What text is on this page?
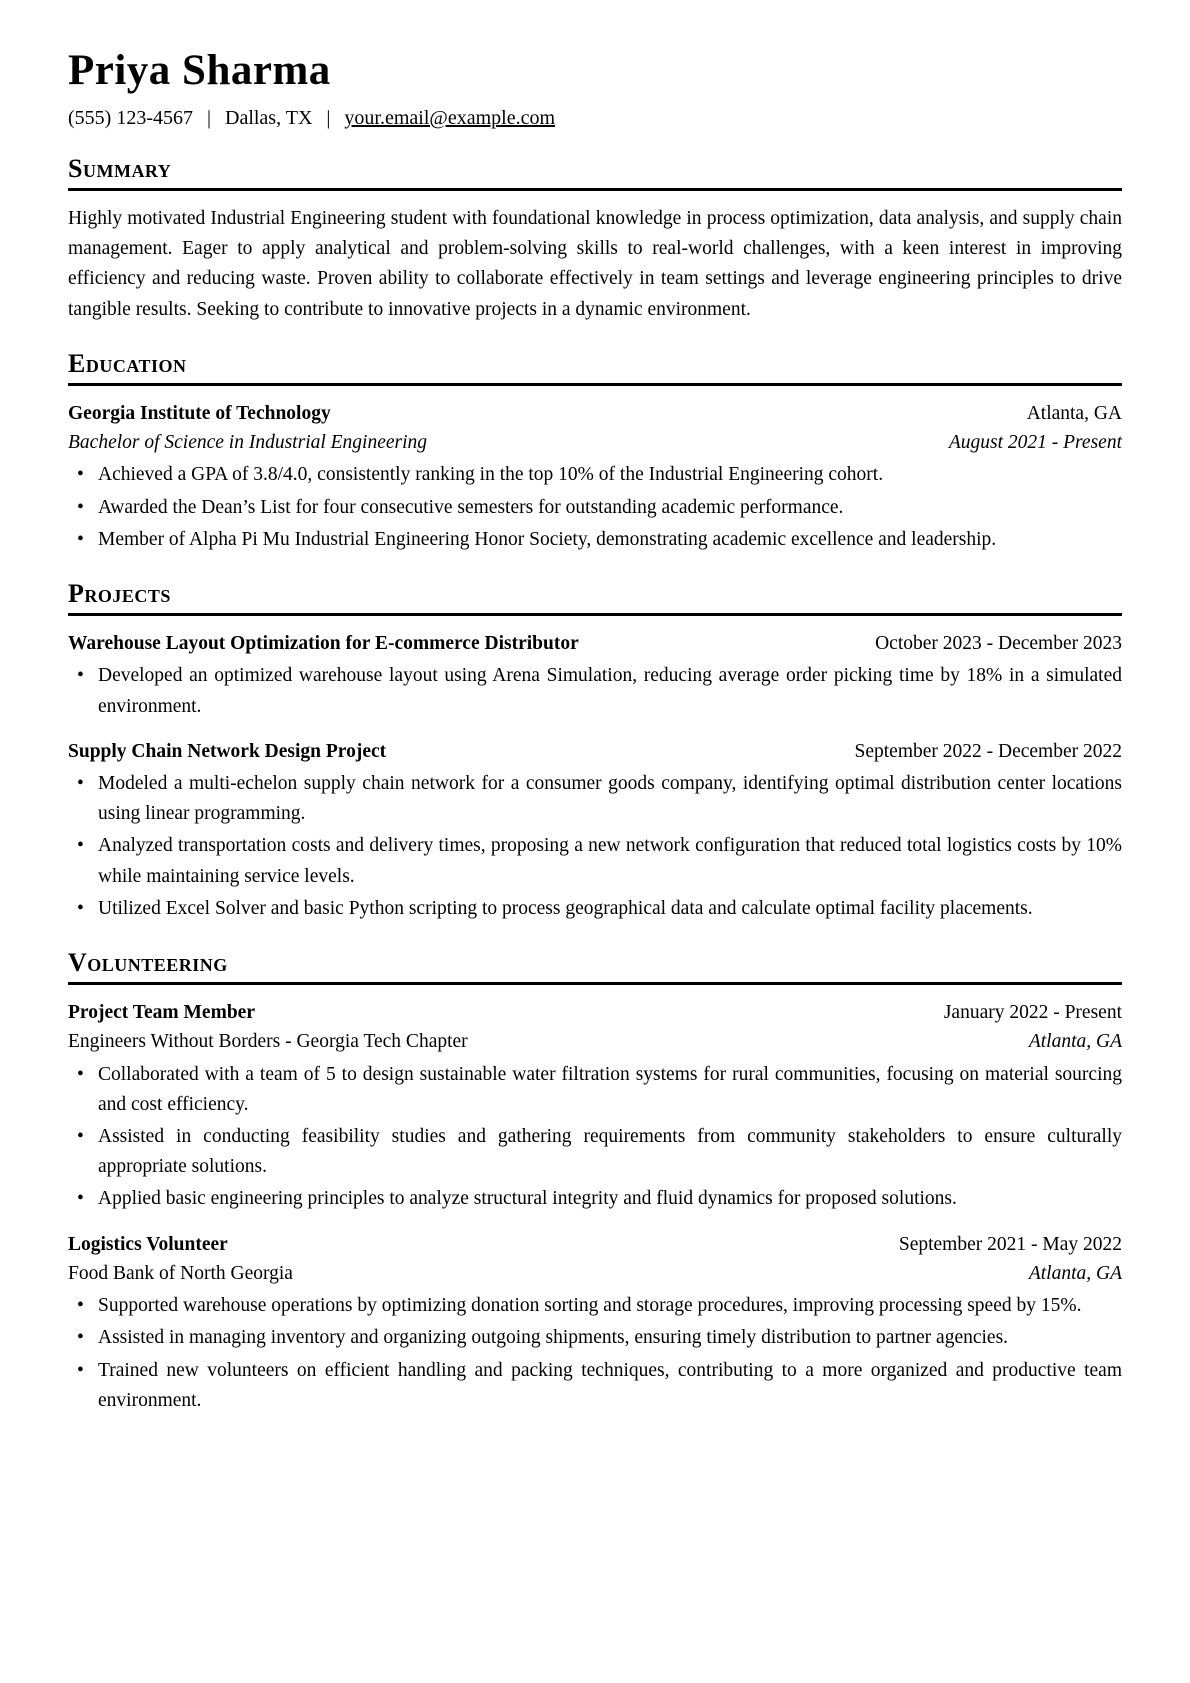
Priya Sharma
(555) 123-4567 | Dallas, TX | your.email@example.com
Summary

Highly motivated Industrial Engineering student with foundational knowledge in process optimization, data analysis, and supply chain management. Eager to apply analytical and problem-solving skills to real-world challenges, with a keen interest in improving efficiency and reducing waste. Proven ability to collaborate effectively in team settings and leverage engineering principles to drive tangible results. Seeking to contribute to innovative projects in a dynamic environment.

Education
Georgia Institute of Technology	Atlanta, GA
Bachelor of Science in Industrial Engineering	August 2021 - Present
• Achieved a GPA of 3.8/4.0, consistently ranking in the top 10% of the Industrial Engineering cohort.
• Awarded the Dean’s List for four consecutive semesters for outstanding academic performance.
• Member of Alpha Pi Mu Industrial Engineering Honor Society, demonstrating academic excellence and leadership.
Projects
Warehouse Layout Optimization for E-commerce Distributor	October 2023 - December 2023
• Developed an optimized warehouse layout using Arena Simulation, reducing average order picking time by 18% in a simulated environment.
Supply Chain Network Design Project	September 2022 - December 2022
• Modeled a multi-echelon supply chain network for a consumer goods company, identifying optimal distribution center locations using linear programming.
• Analyzed transportation costs and delivery times, proposing a new network configuration that reduced total logistics costs by 10% while maintaining service levels.
• Utilized Excel Solver and basic Python scripting to process geographical data and calculate optimal facility placements.
Volunteering
Project Team Member	January 2022 - Present
Engineers Without Borders - Georgia Tech Chapter	Atlanta, GA
• Collaborated with a team of 5 to design sustainable water filtration systems for rural communities, focusing on material sourcing and cost efficiency.
• Assisted in conducting feasibility studies and gathering requirements from community stakeholders to ensure culturally appropriate solutions.
• Applied basic engineering principles to analyze structural integrity and fluid dynamics for proposed solutions.
Logistics Volunteer	September 2021 - May 2022
Food Bank of North Georgia	Atlanta, GA
• Supported warehouse operations by optimizing donation sorting and storage procedures, improving processing speed by 15%.
• Assisted in managing inventory and organizing outgoing shipments, ensuring timely distribution to partner agencies.
• Trained new volunteers on efficient handling and packing techniques, contributing to a more organized and productive team environment.
